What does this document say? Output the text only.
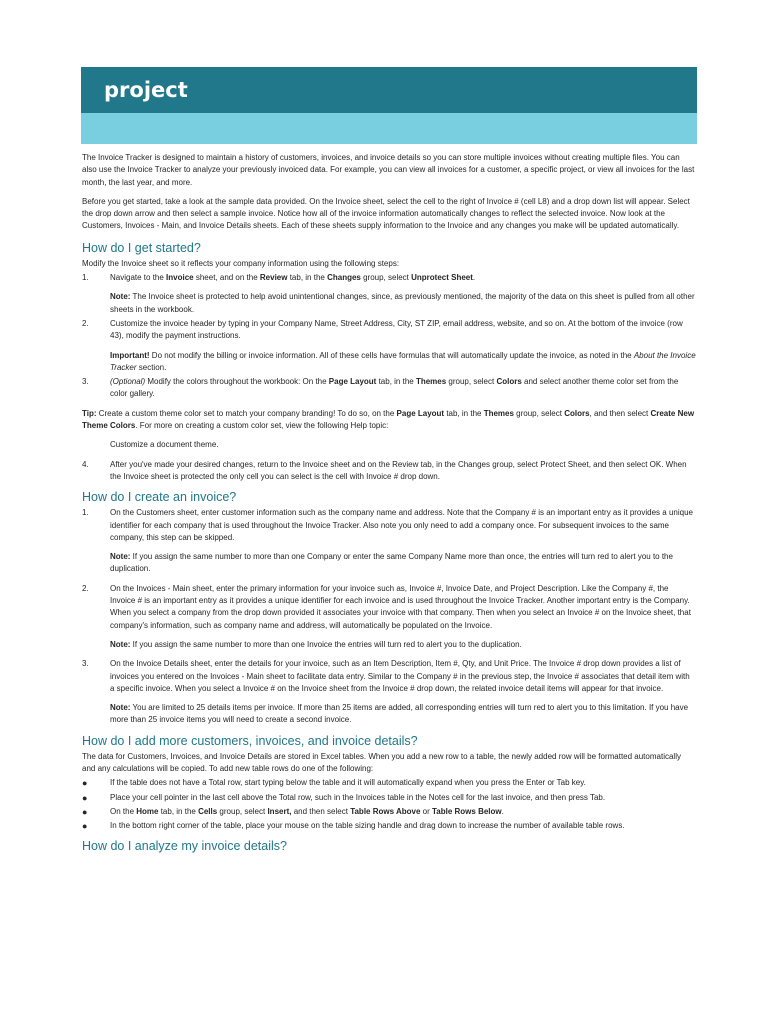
project

The Invoice Tracker is designed to maintain a history of customers, invoices, and invoice details so you can store multiple invoices without creating multiple files. You can also use the Invoice Tracker to analyze your previously invoiced data. For example, you can view all invoices for a customer, a specific project, or view all invoices for the last month, the last year, and more.

Before you get started, take a look at the sample data provided. On the Invoice sheet, select the cell to the right of Invoice # (cell L8) and a drop down list will appear. Select the drop down arrow and then select a sample invoice. Notice how all of the invoice information automatically changes to reflect the selected invoice. Now look at the Customers, Invoices - Main, and Invoice Details sheets. Each of these sheets supply information to the Invoice and any changes you make will be updated automatically.

How do I get started?

Modify the Invoice sheet so it reflects your company information using the following steps:

1.	Navigate to the Invoice sheet, and on the Review tab, in the Changes group, select Unprotect Sheet.

Note: The Invoice sheet is protected to help avoid unintentional changes, since, as previously mentioned, the majority of the data on this sheet is pulled from all other sheets in the workbook.

2.	Customize the invoice header by typing in your Company Name, Street Address, City, ST ZIP, email address, website, and so on. At the bottom of the invoice (row 43), modify the payment instructions.

Important! Do not modify the billing or invoice information. All of these cells have formulas that will automatically update the invoice, as noted in the About the Invoice Tracker section.

3.	(Optional) Modify the colors throughout the workbook: On the Page Layout tab, in the Themes group, select Colors and select another theme color set from the color gallery.

Tip: Create a custom theme color set to match your company branding! To do so, on the Page Layout tab, in the Themes group, select Colors, and then select Create New Theme Colors. For more on creating a custom color set, view the following Help topic:

Customize a document theme.

4.	After you've made your desired changes, return to the Invoice sheet and on the Review tab, in the Changes group, select Protect Sheet, and then select OK. When the Invoice sheet is protected the only cell you can select is the cell with Invoice # drop down.
How do I create an invoice?
1.	On the Customers sheet, enter customer information such as the company name and address. Note that the Company # is an important entry as it provides a unique identifier for each company that is used throughout the Invoice Tracker. Also note you only need to add a company once. For subsequent invoices to the same company, this step can be skipped.

Note: If you assign the same number to more than one Company or enter the same Company Name more than once, the entries will turn red to alert you to the duplication.

2.	On the Invoices - Main sheet, enter the primary information for your invoice such as, Invoice #, Invoice Date, and Project Description. Like the Company #, the Invoice # is an important entry as it provides a unique identifier for each invoice and is used throughout the Invoice Tracker. Another important entry is the Company. When you select a company from the drop down provided it associates your invoice with that company. Then when you select an Invoice # on the Invoice sheet, that company's information, such as company name and address, will automatically be populated on the Invoice.

Note: If you assign the same number to more than one Invoice the entries will turn red to alert you to the duplication.

3.	On the Invoice Details sheet, enter the details for your invoice, such as an Item Description, Item #, Qty, and Unit Price. The Invoice # drop down provides a list of invoices you entered on the Invoices - Main sheet to facilitate data entry. Similar to the Company # in the previous step, the Invoice # associates that detail item with a specific invoice. When you select a Invoice # on the Invoice sheet from the Invoice # drop down, the related invoice detail items will appear for that invoice.

Note: You are limited to 25 details items per invoice. If more than 25 items are added, all corresponding entries will turn red to alert you to this limitation. If you have more than 25 invoice items you will need to create a second invoice.

How do I add more customers, invoices, and invoice details?

The data for Customers, Invoices, and Invoice Details are stored in Excel tables. When you add a new row to a table, the newly added row will be formatted automatically and any calculations will be copied. To add new table rows do one of the following:

●	If the table does not have a Total row, start typing below the table and it will automatically expand when you press the Enter or Tab key.
●	Place your cell pointer in the last cell above the Total row, such in the Invoices table in the Notes cell for the last invoice, and then press Tab.
●	On the Home tab, in the Cells group, select Insert, and then select Table Rows Above or Table Rows Below.
●	In the bottom right corner of the table, place your mouse on the table sizing handle and drag down to increase the number of available table rows.
How do I analyze my invoice details?
